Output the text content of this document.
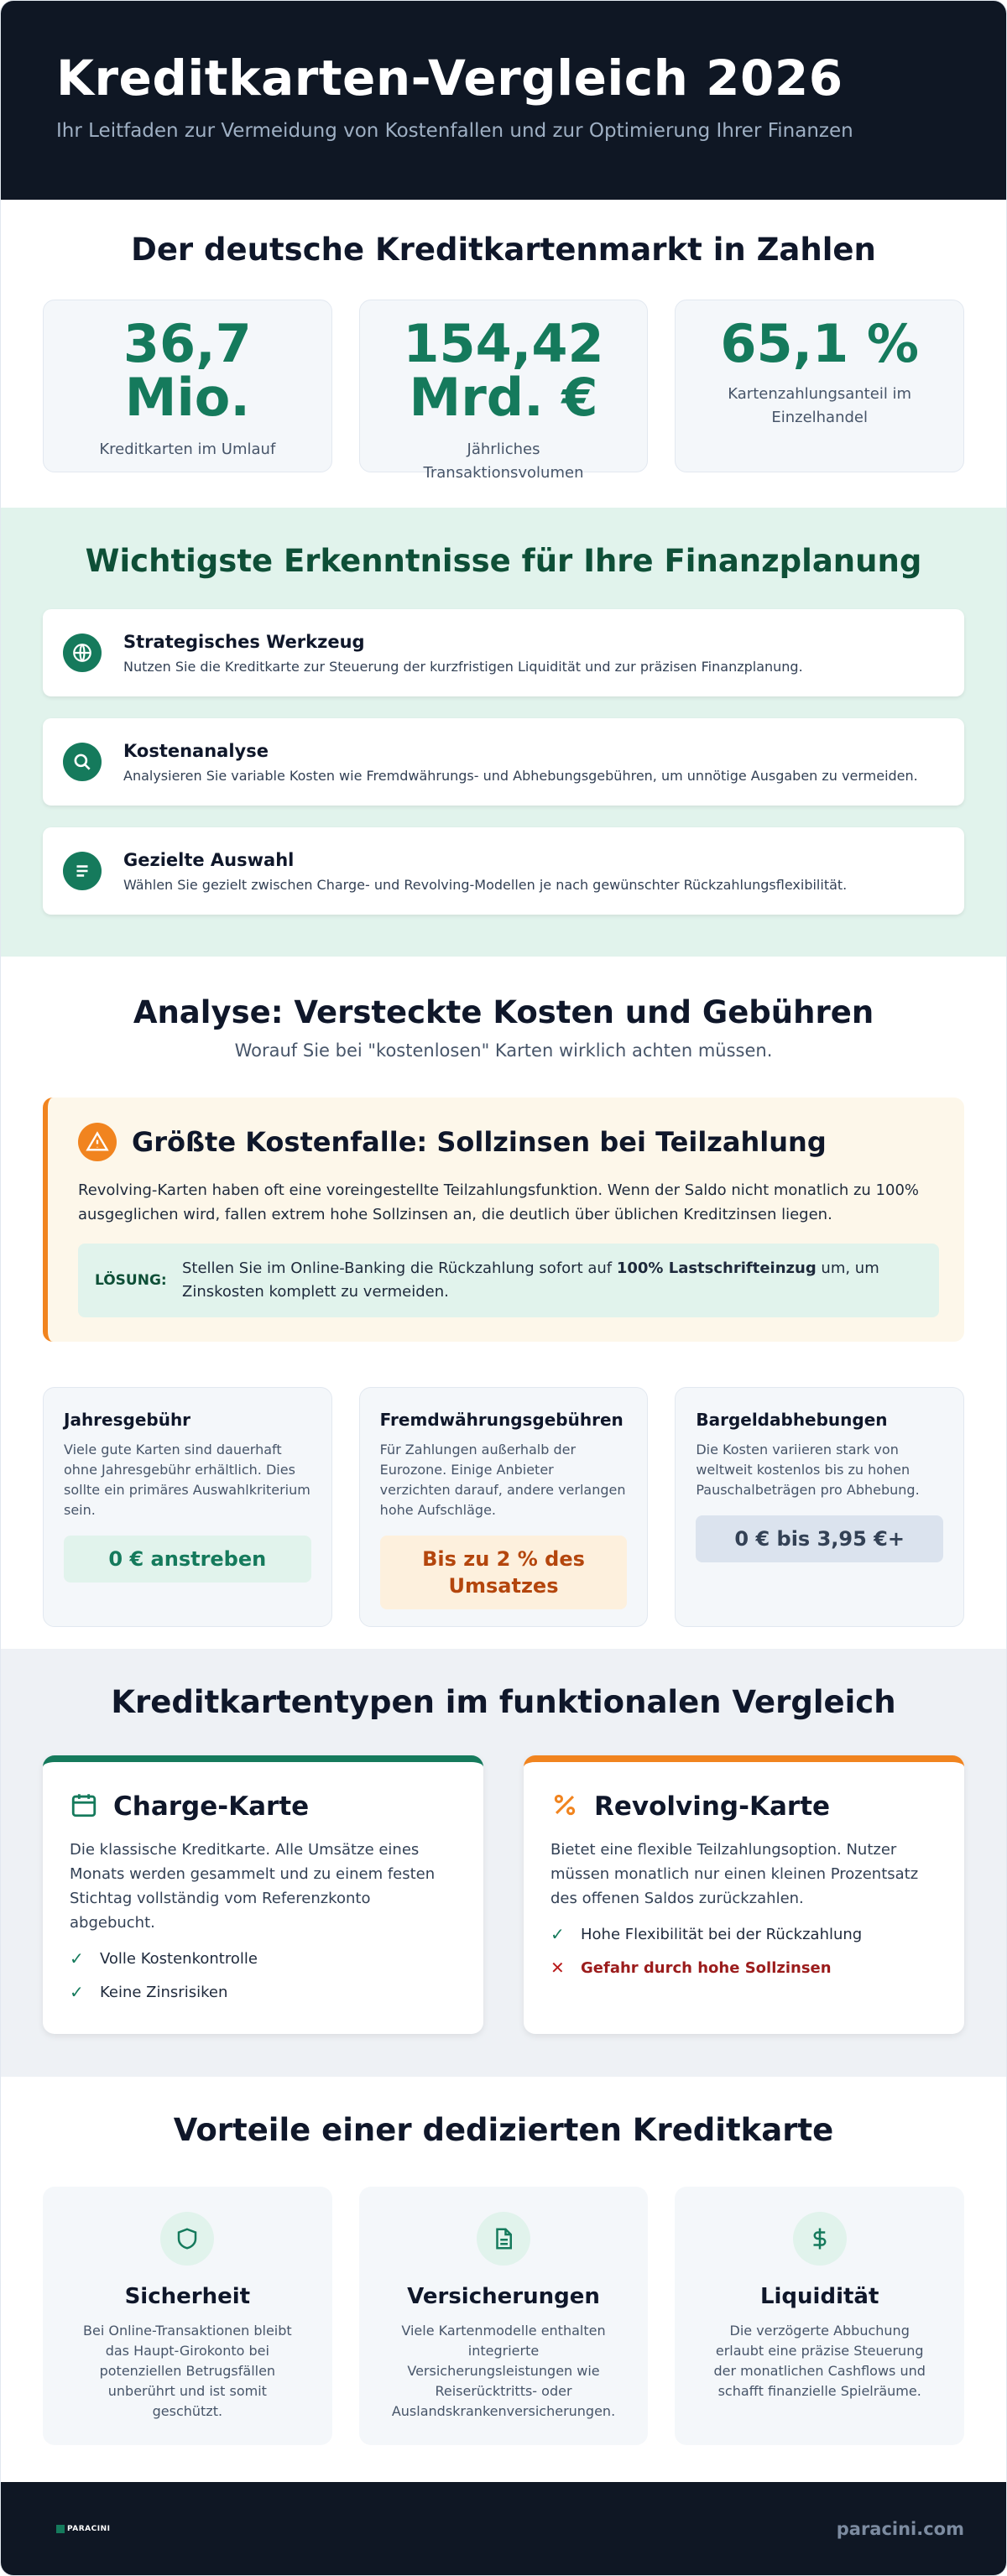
Kreditkarten-Vergleich 2026

Ihr Leitfaden zur Vermeidung von Kostenfallen und zur Optimierung Ihrer Finanzen

Der deutsche Kreditkartenmarkt in Zahlen
36,7
Mio.
Kreditkarten im Umlauf
154,42
Mrd. €
Jährliches Transaktionsvolumen
65,1 %
Kartenzahlungsanteil im Einzelhandel
Wichtigste Erkenntnisse für Ihre Finanzplanung
Strategisches Werkzeug
Nutzen Sie die Kreditkarte zur Steuerung der kurzfristigen Liquidität und zur präzisen Finanzplanung.
Kostenanalyse
Analysieren Sie variable Kosten wie Fremdwährungs- und Abhebungsgebühren, um unnötige Ausgaben zu vermeiden.
Gezielte Auswahl
Wählen Sie gezielt zwischen Charge- und Revolving-Modellen je nach gewünschter Rückzahlungsflexibilität.
Analyse: Versteckte Kosten und Gebühren

Worauf Sie bei "kostenlosen" Karten wirklich achten müssen.

Größte Kostenfalle: Sollzinsen bei Teilzahlung

Revolving-Karten haben oft eine voreingestellte Teilzahlungsfunktion. Wenn der Saldo nicht monatlich zu 100% ausgeglichen wird, fallen extrem hohe Sollzinsen an, die deutlich über üblichen Kreditzinsen liegen.

LÖSUNG:
Stellen Sie im Online-Banking die Rückzahlung sofort auf 100% Lastschrifteinzug um, um Zinskosten komplett zu vermeiden.
Jahresgebühr
Viele gute Karten sind dauerhaft ohne Jahresgebühr erhältlich. Dies sollte ein primäres Auswahlkriterium sein.
0 € anstreben
Fremdwährungsgebühren
Für Zahlungen außerhalb der Eurozone. Einige Anbieter verzichten darauf, andere verlangen hohe Aufschläge.
Bis zu 2 % des Umsatzes
Bargeldabhebungen
Die Kosten variieren stark von weltweit kostenlos bis zu hohen Pauschalbeträgen pro Abhebung.
0 € bis 3,95 €+
Kreditkartentypen im funktionalen Vergleich
Charge-Karte

Die klassische Kreditkarte. Alle Umsätze eines Monats werden gesammelt und zu einem festen Stichtag vollständig vom Referenzkonto abgebucht.

✓	Volle Kostenkontrolle
✓	Keine Zinsrisiken
Revolving-Karte

Bietet eine flexible Teilzahlungsoption. Nutzer müssen monatlich nur einen kleinen Prozentsatz des offenen Saldos zurückzahlen.

✓	Hohe Flexibilität bei der Rückzahlung
✕	Gefahr durch hohe Sollzinsen
Vorteile einer dedizierten Kreditkarte
Sicherheit
Bei Online-Transaktionen bleibt das Haupt-Girokonto bei potenziellen Betrugsfällen unberührt und ist somit geschützt.
Versicherungen
Viele Kartenmodelle enthalten integrierte Versicherungsleistungen wie Reiserücktritts- oder Auslandskrankenversicherungen.
Liquidität
Die verzögerte Abbuchung erlaubt eine präzise Steuerung der monatlichen Cashflows und schafft finanzielle Spielräume.
PARACINI	paracini.com
